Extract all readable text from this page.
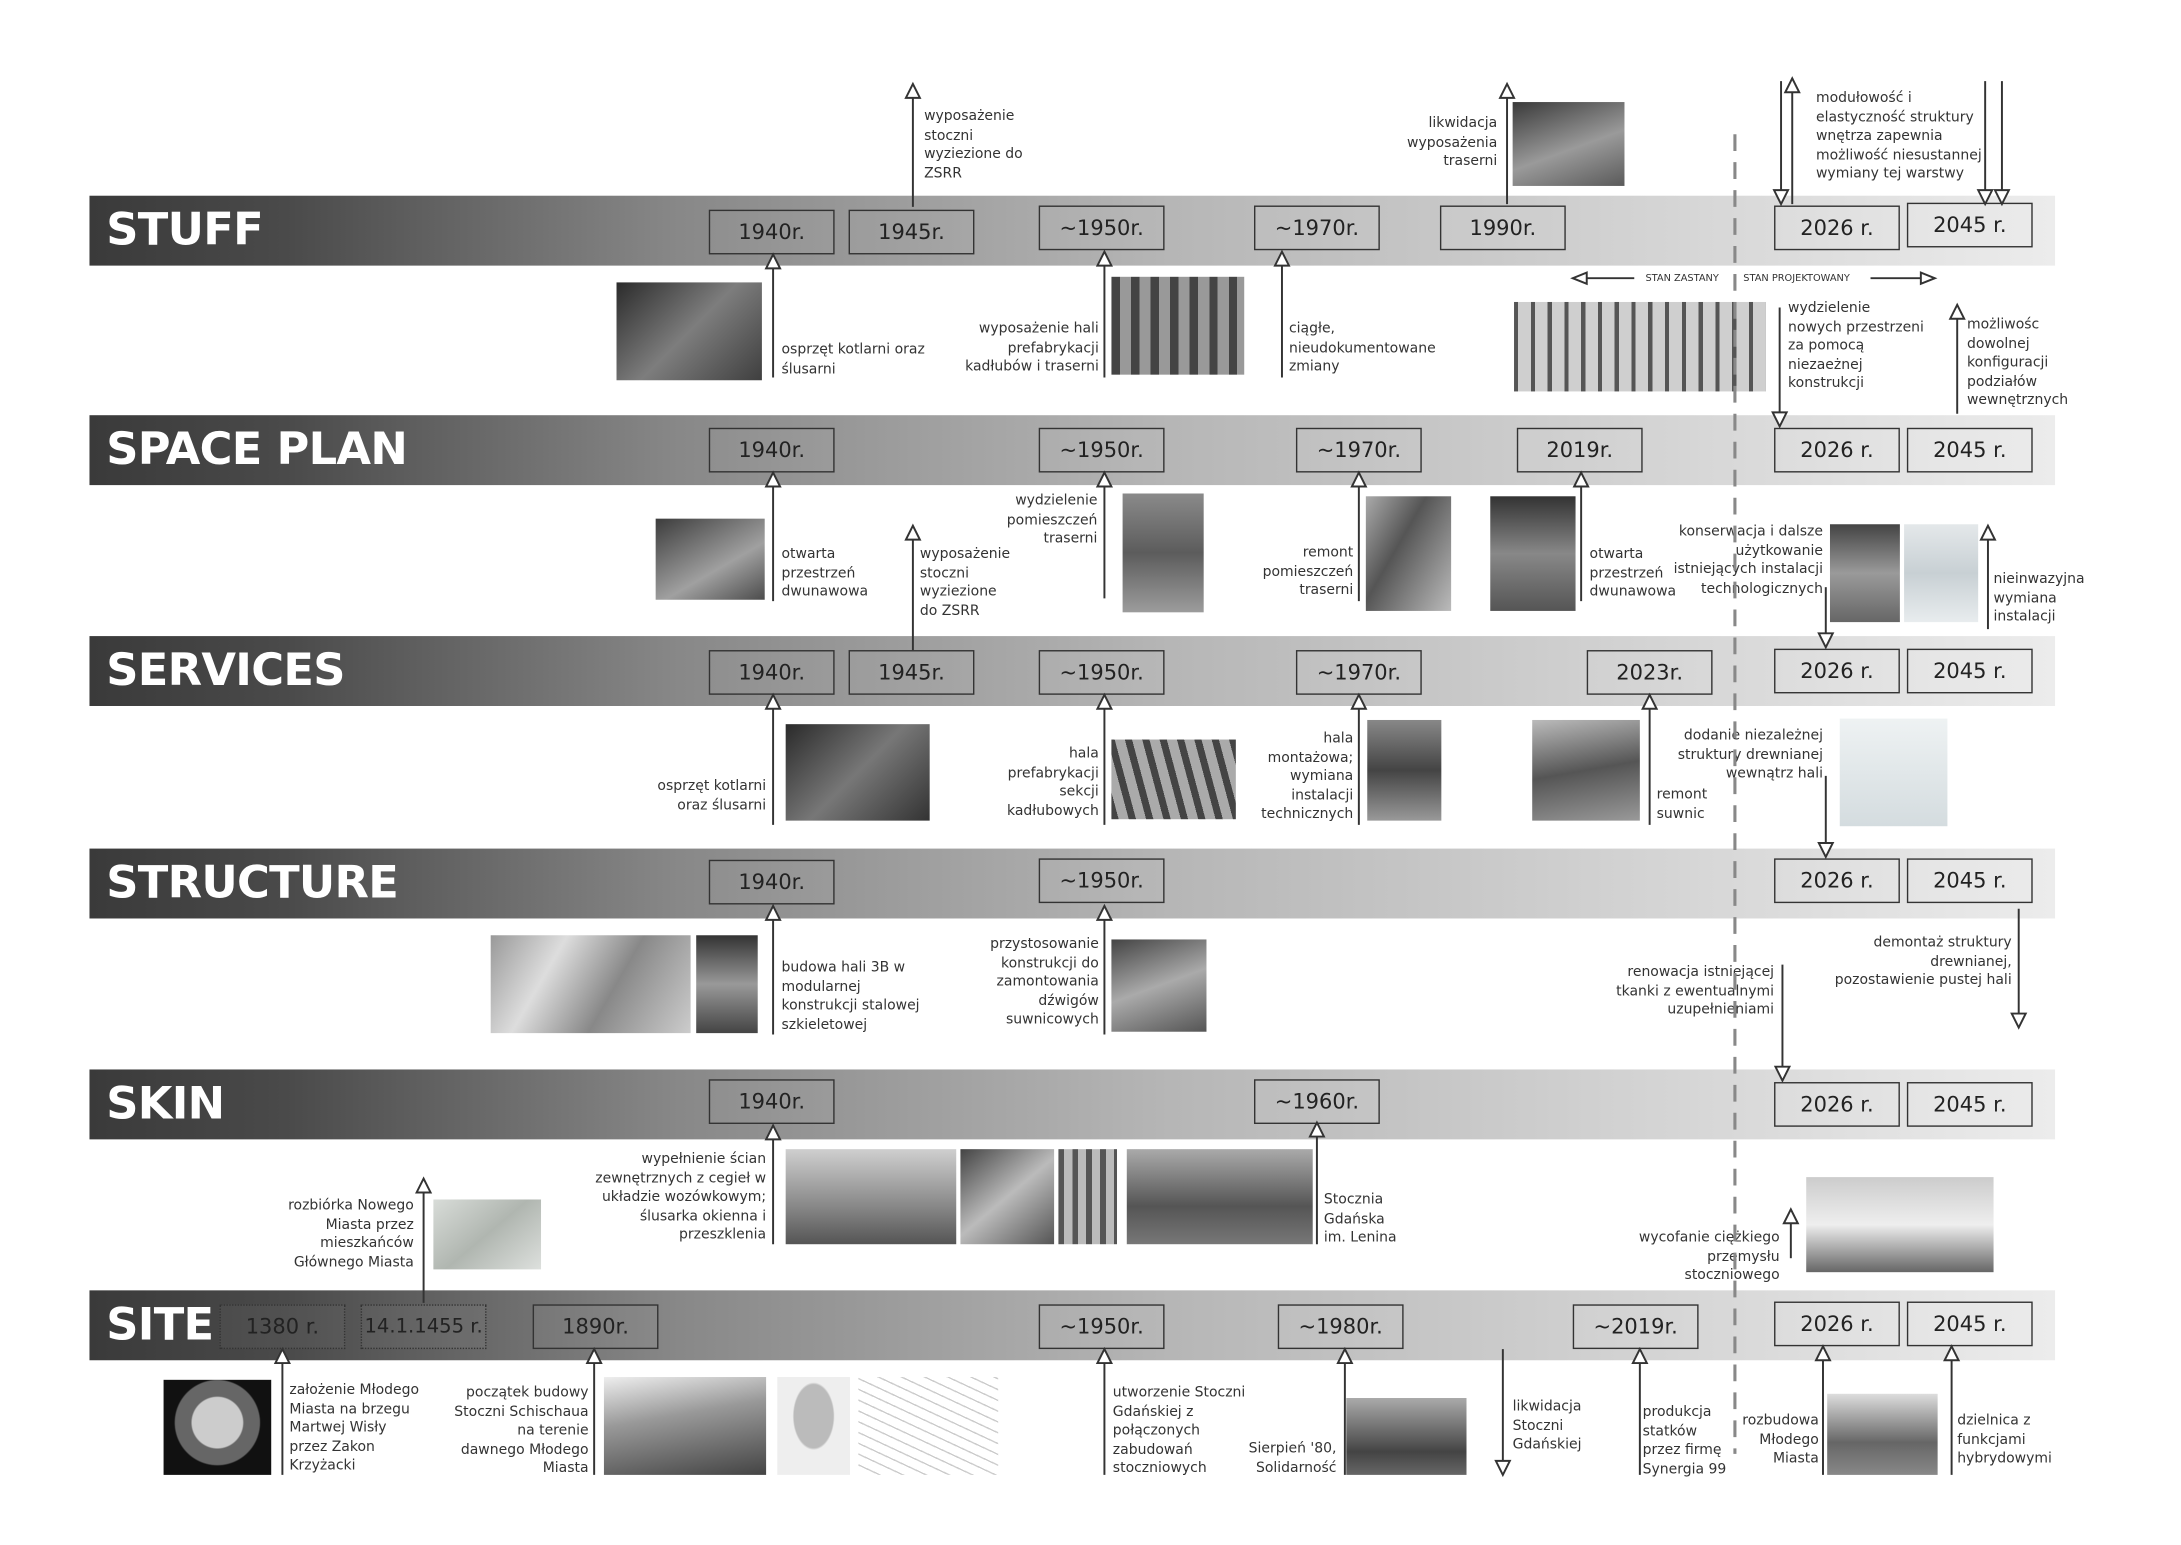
STUFF
SPACE PLAN
SERVICES
STRUCTURE
SKIN
SITE
1940r.	1945r.	~1950r.	~1970r.	1990r.	2026 r.	2045 r.
1940r.	~1950r.	~1970r.	2019r.	2026 r.	2045 r.
1940r.	1945r.	~1950r.	~1970r.	2023r.	2026 r.	2045 r.
1940r.	~1950r.	2026 r.	2045 r.
1940r.	~1960r.	2026 r.	2045 r.
1380 r.	14.1.1455 r.	1890r.	~1950r.	~1980r.	~2019r.	2026 r.	2045 r.
STAN ZASTANY	STAN PROJEKTOWANY
wyposażenie
stoczni
wyziezione do
ZSRR
likwidacja
wyposażenia
traserni
modułowość i
elastyczność struktury
wnętrza zapewnia
możliwość niesustannej
wymiany tej warstwy
osprzęt kotlarni oraz
ślusarni
wyposażenie hali
prefabrykacji
kadłubów i traserni
ciągłe,
nieudokumentowane
zmiany
wydzielenie
nowych przestrzeni
za pomocą
niezaeżnej
konstrukcji
możliwośc
dowolnej
konfiguracji
podziałów
wewnętrznych
otwarta
przestrzeń
dwunawowa
wyposażenie
stoczni
wyziezione
do ZSRR
wydzielenie
pomieszczeń
traserni
remont
pomieszczeń
traserni
otwarta
przestrzeń
dwunawowa
konserwacja i dalsze
użytkowanie
istniejących instalacji
technologicznych
nieinwazyjna
wymiana
instalacji
osprzęt kotlarni
oraz ślusarni
hala
prefabrykacji
sekcji
kadłubowych
hala
montażowa;
wymiana
instalacji
technicznych
remont
suwnic
dodanie niezależnej
struktury drewnianej
wewnątrz hali
budowa hali 3B w
modularnej
konstrukcji stalowej
szkieletowej
przystosowanie
konstrukcji do
zamontowania
dźwigów
suwnicowych
demontaż struktury
drewnianej,
pozostawienie pustej hali
renowacja istniejącej
tkanki z ewentualnymi
uzupełnieniami
wypełnienie ścian
zewnętrznych z cegieł w
układzie wozówkowym;
ślusarka okienna i
przeszklenia
Stocznia
Gdańska
im. Lenina
rozbiórka Nowego
Miasta przez
mieszkańców
Głównego Miasta
wycofanie ciężkiego
przemysłu
stoczniowego
założenie Młodego
Miasta na brzegu
Martwej Wisły
przez Zakon
Krzyżacki
początek budowy
Stoczni Schischaua
na terenie
dawnego Młodego
Miasta
utworzenie Stoczni
Gdańskiej z
połączonych
zabudowań
stoczniowych
Sierpień '80,
Solidarność
likwidacja
Stoczni
Gdańskiej
produkcja
statków
przez firmę
Synergia 99
rozbudowa
Młodego
Miasta
dzielnica z
funkcjami
hybrydowymi
